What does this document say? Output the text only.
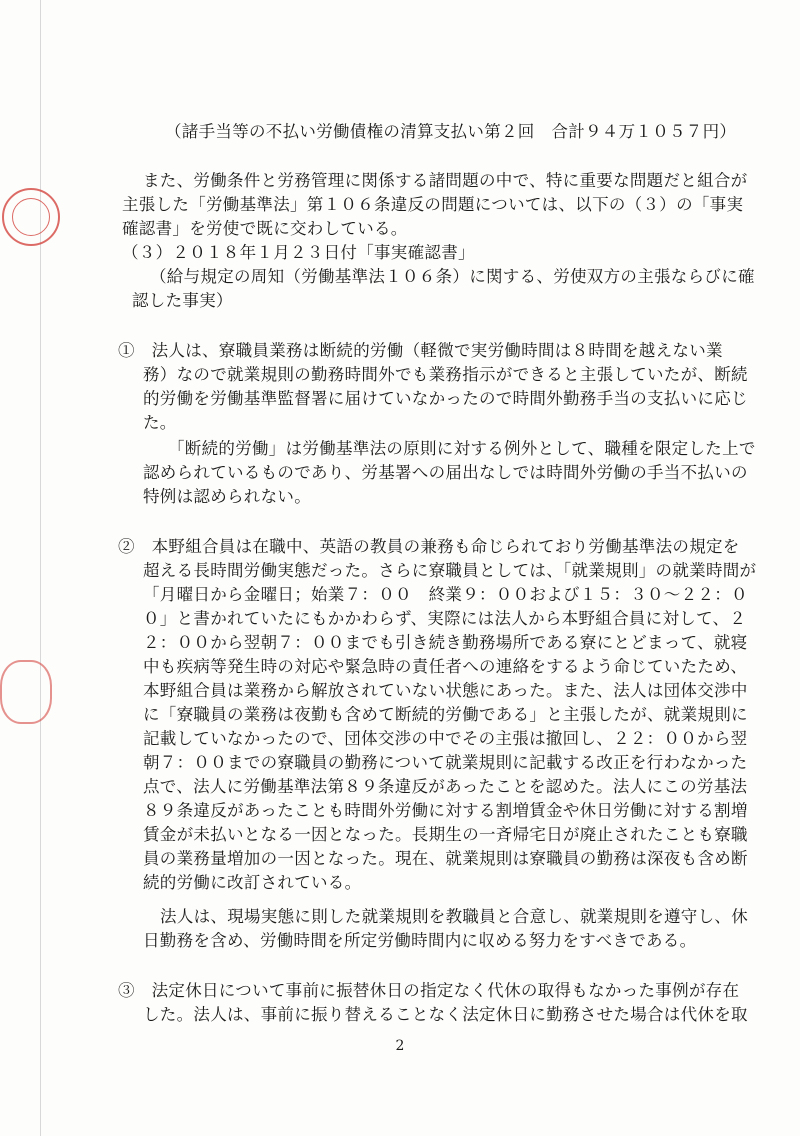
（諸手当等の不払い労働債権の清算支払い第２回　合計９４万１０５７円）
また、労働条件と労務管理に関係する諸問題の中で、特に重要な問題だと組合が
主張した「労働基準法」第１０６条違反の問題については、以下の（３）の「事実
確認書」を労使で既に交わしている。
（３）２０１８年１月２３日付「事実確認書」
（給与規定の周知（労働基準法１０６条）に関する、労使双方の主張ならびに確
認した事実）
①　法人は、寮職員業務は断続的労働（軽微で実労働時間は８時間を越えない業
務）なので就業規則の勤務時間外でも業務指示ができると主張していたが、断続
的労働を労働基準監督署に届けていなかったので時間外勤務手当の支払いに応じ
た。
「断続的労働」は労働基準法の原則に対する例外として、職種を限定した上で
認められているものであり、労基署への届出なしでは時間外労働の手当不払いの
特例は認められない。
②　本野組合員は在職中、英語の教員の兼務も命じられており労働基準法の規定を
超える長時間労働実態だった。さらに寮職員としては、「就業規則」の就業時間が
「月曜日から金曜日；始業７：００　終業９：００および１５：３０～２２：０
０」と書かれていたにもかかわらず、実際には法人から本野組合員に対して、２
２：００から翌朝７：００までも引き続き勤務場所である寮にとどまって、就寝
中も疾病等発生時の対応や緊急時の責任者への連絡をするよう命じていたため、
本野組合員は業務から解放されていない状態にあった。また、法人は団体交渉中
に「寮職員の業務は夜勤も含めて断続的労働である」と主張したが、就業規則に
記載していなかったので、団体交渉の中でその主張は撤回し、２２：００から翌
朝７：００までの寮職員の勤務について就業規則に記載する改正を行わなかった
点で、法人に労働基準法第８９条違反があったことを認めた。法人にこの労基法
８９条違反があったことも時間外労働に対する割増賃金や休日労働に対する割増
賃金が未払いとなる一因となった。長期生の一斉帰宅日が廃止されたことも寮職
員の業務量増加の一因となった。現在、就業規則は寮職員の勤務は深夜も含め断
続的労働に改訂されている。
法人は、現場実態に則した就業規則を教職員と合意し、就業規則を遵守し、休
日勤務を含め、労働時間を所定労働時間内に収める努力をすべきである。
③　法定休日について事前に振替休日の指定なく代休の取得もなかった事例が存在
した。法人は、事前に振り替えることなく法定休日に勤務させた場合は代休を取
2
